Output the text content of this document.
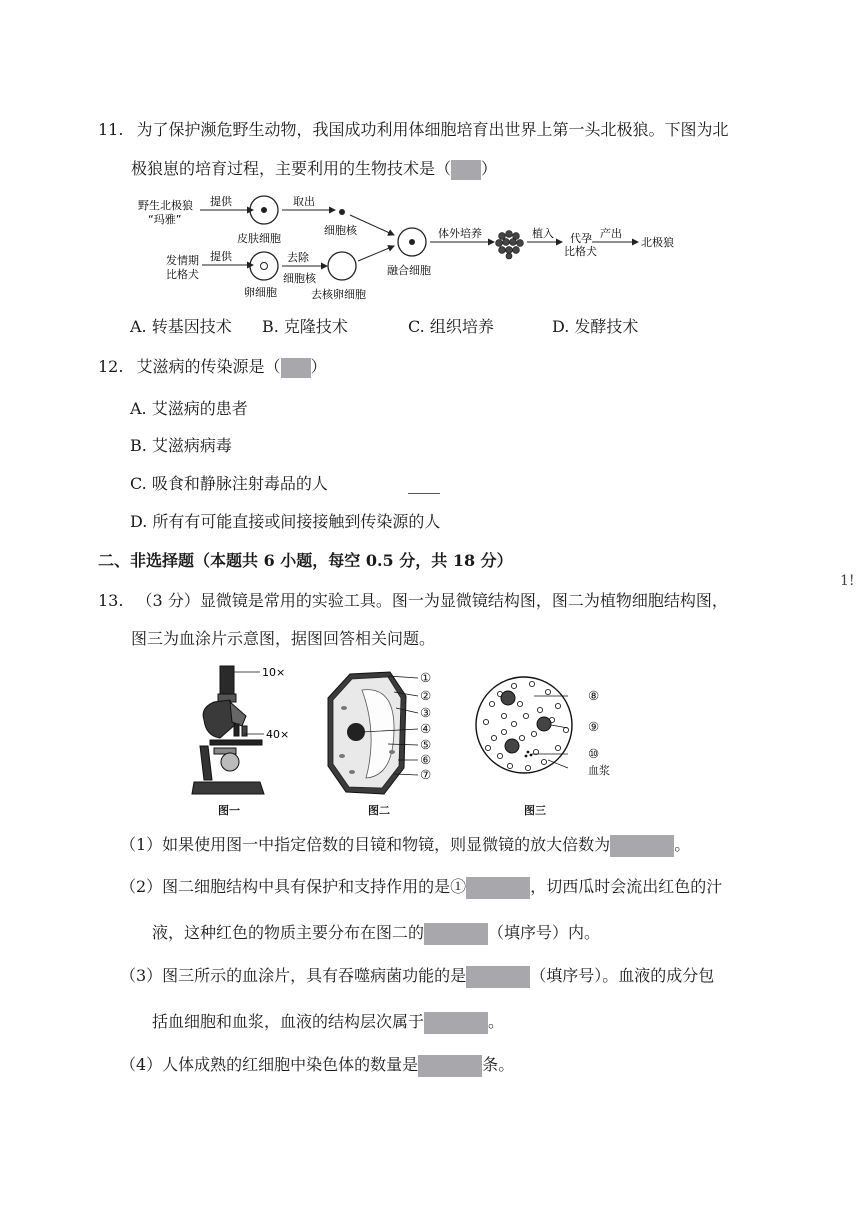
11. 为了保护濒危野生动物，我国成功利用体细胞培育出世界上第一头北极狼。下图为北
极狼崽的培育过程，主要利用的生物技术是（ ）
野生北极狼
“玛雅”
提供
皮肤细胞
取出
细胞核
发情期
比格犬
提供
卵细胞
去除
细胞核
去核卵细胞
融合细胞
体外培养	植入 代孕
比格犬
产出
北极狼
A. 转基因技术 B. 克隆技术	C. 组织培养	D. 发酵技术
12. 艾滋病的传染源是（ ）
A. 艾滋病的患者
B. 艾滋病病毒
C. 吸食和静脉注射毒品的人
D. 所有有可能直接或间接接触到传染源的人
二、非选择题（本题共 6 小题，每空 0.5 分，共 18 分）
1!
13. （3 分）显微镜是常用的实验工具。图一为显微镜结构图，图二为植物细胞结构图，
图三为血涂片示意图，据图回答相关问题。
10×
40×
图一
①
②
③
④
⑤
⑥
⑦
图二
⑧
⑨
⑩
血浆
图三
（1）如果使用图一中指定倍数的目镜和物镜，则显微镜的放大倍数为	。
（2）图二细胞结构中具有保护和支持作用的是①	，切西瓜时会流出红色的汁
液，这种红色的物质主要分布在图二的	（填序号）内。
（3）图三所示的血涂片，具有吞噬病菌功能的是	（填序号）。血液的成分包
括血细胞和血浆，血液的结构层次属于	。
（4）人体成熟的红细胞中染色体的数量是	条。
